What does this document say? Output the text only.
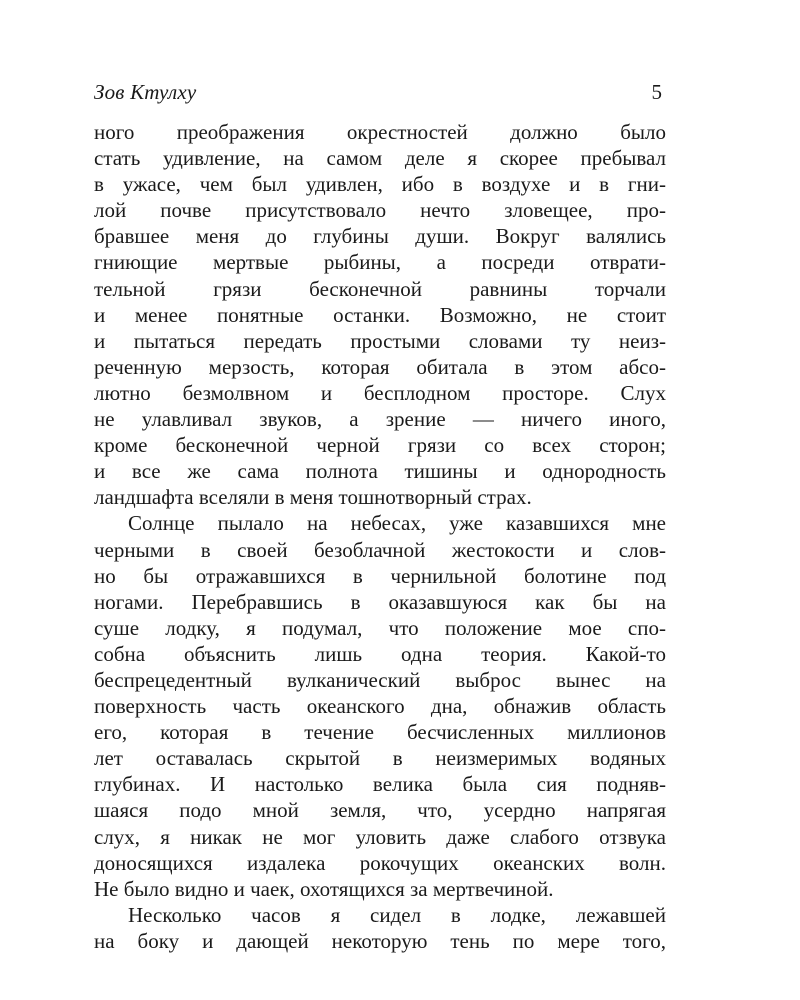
Зов Ктулху	5
ного преображения окрестностей должно было
стать удивление, на самом деле я скорее пребывал
в ужасе, чем был удивлен, ибо в воздухе и в гни-
лой почве присутствовало нечто зловещее, про-
бравшее меня до глубины души. Вокруг валялись
гниющие мертвые рыбины, а посреди отврати-
тельной грязи бесконечной равнины торчали
и менее понятные останки. Возможно, не стоит
и пытаться передать простыми словами ту неиз-
реченную мерзость, которая обитала в этом абсо-
лютно безмолвном и бесплодном просторе. Слух
не улавливал звуков, а зрение — ничего иного,
кроме бесконечной черной грязи со всех сторон;
и все же сама полнота тишины и однородность
ландшафта вселяли в меня тошнотворный страх.
Солнце пылало на небесах, уже казавшихся мне
черными в своей безоблачной жестокости и слов-
но бы отражавшихся в чернильной болотине под
ногами. Перебравшись в оказавшуюся как бы на
суше лодку, я подумал, что положение мое спо-
собна объяснить лишь одна теория. Какой-то
беспрецедентный вулканический выброс вынес на
поверхность часть океанского дна, обнажив область
его, которая в течение бесчисленных миллионов
лет оставалась скрытой в неизмеримых водяных
глубинах. И настолько велика была сия подняв-
шаяся подо мной земля, что, усердно напрягая
слух, я никак не мог уловить даже слабого отзвука
доносящихся издалека рокочущих океанских волн.
Не было видно и чаек, охотящихся за мертвечиной.
Несколько часов я сидел в лодке, лежавшей
на боку и дающей некоторую тень по мере того,
